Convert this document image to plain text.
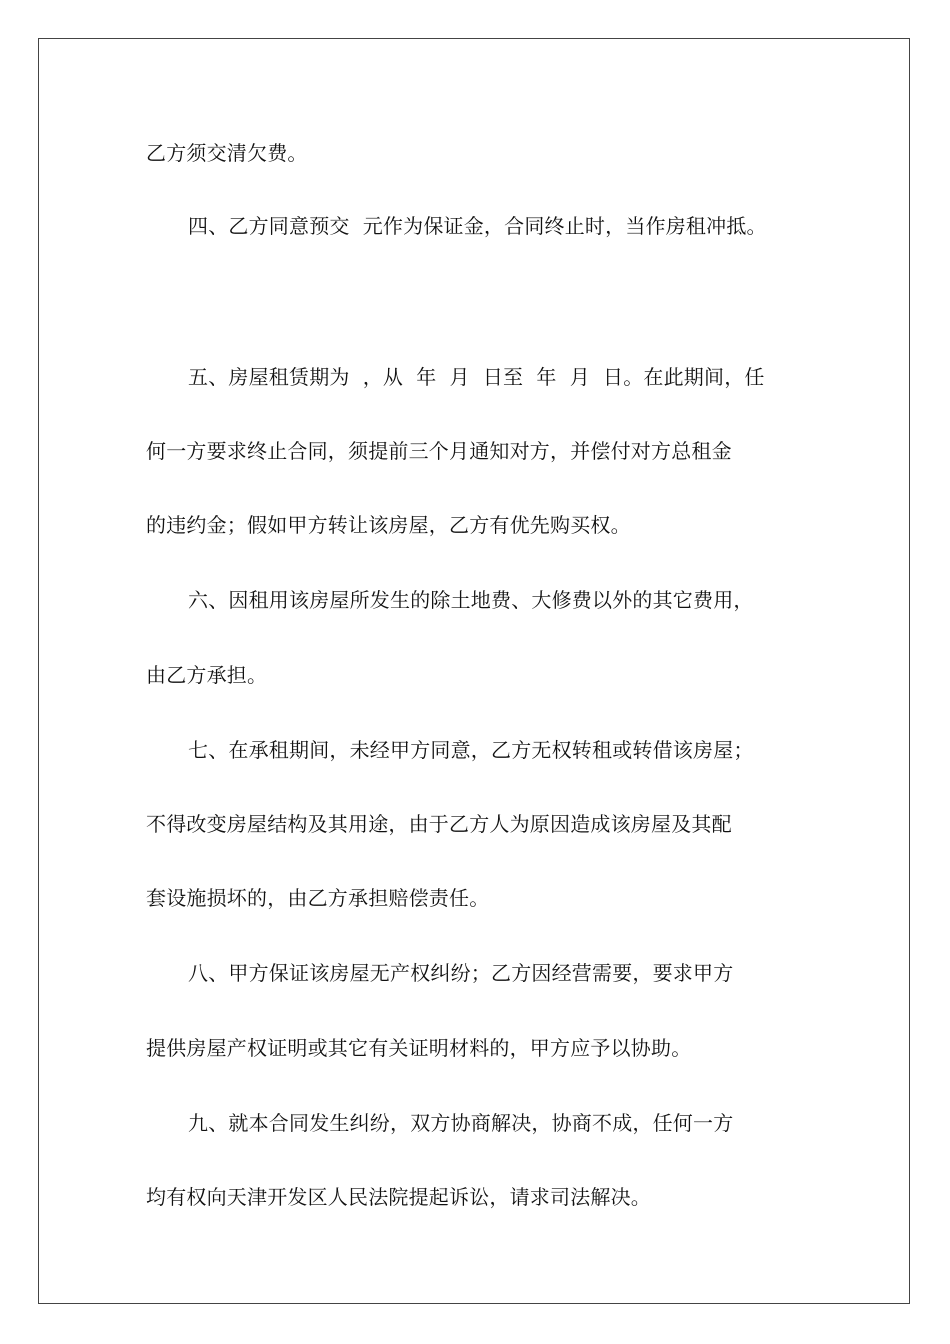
乙方须交清欠费。
四、乙方同意预交  元作为保证金，合同终止时，当作房租冲抵。
五、房屋租赁期为  ，从  年  月  日至  年  月  日。在此期间，任
何一方要求终止合同，须提前三个月通知对方，并偿付对方总租金
的违约金；假如甲方转让该房屋，乙方有优先购买权。
六、因租用该房屋所发生的除土地费、大修费以外的其它费用，
由乙方承担。
七、在承租期间，未经甲方同意，乙方无权转租或转借该房屋；
不得改变房屋结构及其用途，由于乙方人为原因造成该房屋及其配
套设施损坏的，由乙方承担赔偿责任。
八、甲方保证该房屋无产权纠纷；乙方因经营需要，要求甲方
提供房屋产权证明或其它有关证明材料的，甲方应予以协助。
九、就本合同发生纠纷，双方协商解决，协商不成，任何一方
均有权向天津开发区人民法院提起诉讼，请求司法解决。
